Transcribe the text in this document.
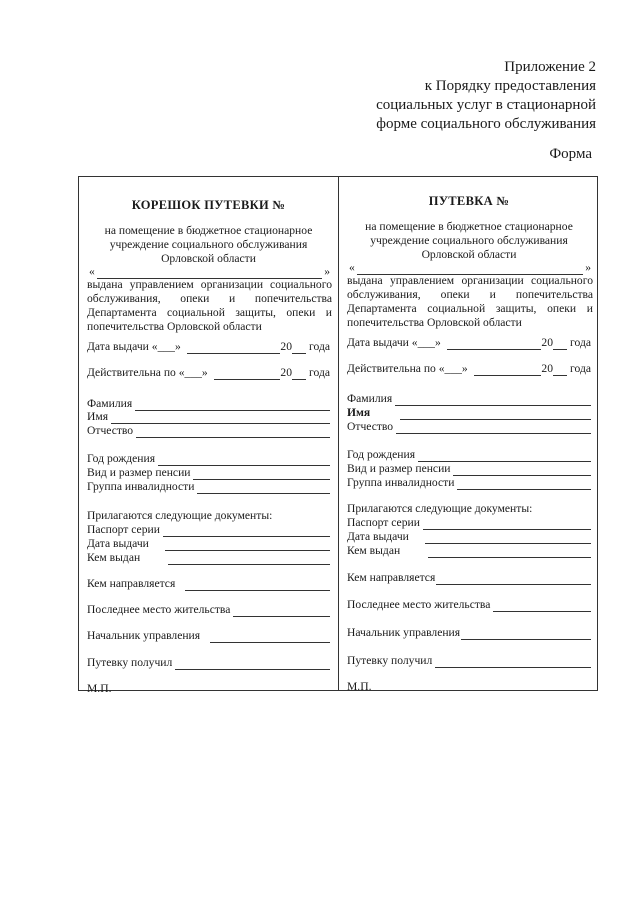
Приложение 2
к Порядку предоставления
социальных услуг в стационарной
форме социального обслуживания
Форма
КОРЕШОК ПУТЕВКИ №
на помещение в бюджетное стационарное
учреждение социального обслуживания
Орловской области
«	»
выдана управлением организации социального обслуживания, опеки и попечительства Департамента социальной защиты, опеки и попечительства Орловской области
Дата выдачи «___»	20 года
Действительна по «___»	20 года
Фамилия
Имя
Отчество
Год рождения
Вид и размер пенсии
Группа инвалидности
Прилагаются следующие документы:
Паспорт серии
Дата выдачи
Кем выдан
Кем направляется
Последнее место жительства
Начальник управления
Путевку получил
М.П.
ПУТЕВКА №
на помещение в бюджетное стационарное
учреждение социального обслуживания
Орловской области
«	»
выдана управлением организации социального обслуживания, опеки и попечительства Департамента социальной защиты, опеки и попечительства Орловской области
Дата выдачи «___»	20 года
Действительна по «___»	20 года
Фамилия
Имя
Отчество
Год рождения
Вид и размер пенсии
Группа инвалидности
Прилагаются следующие документы:
Паспорт серии
Дата выдачи
Кем выдан
Кем направляется
Последнее место жительства
Начальник управления
Путевку получил
М.П.
